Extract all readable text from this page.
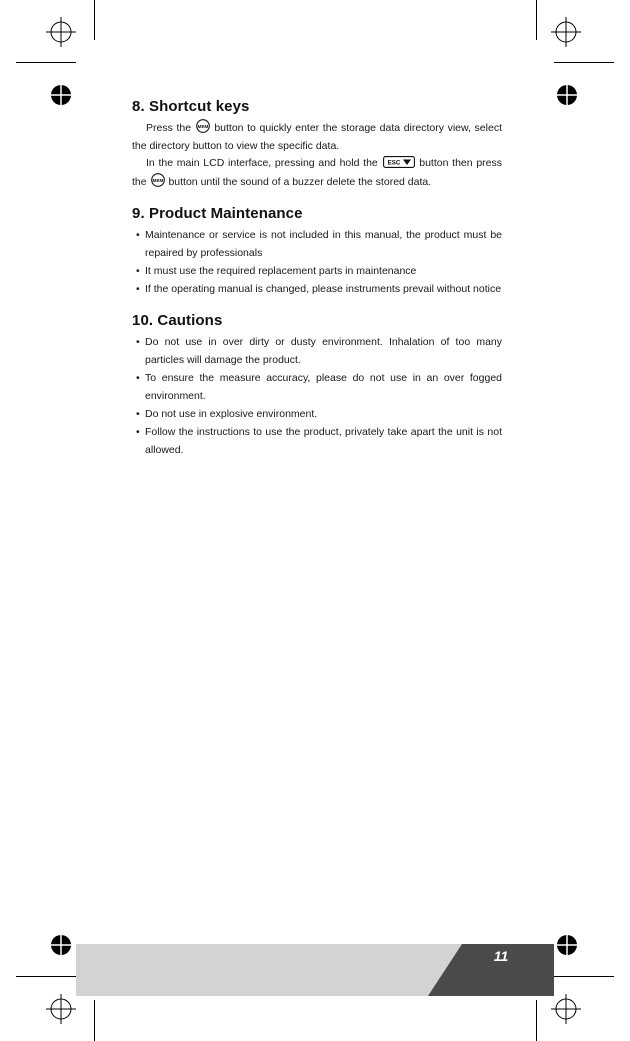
8. Shortcut keys

Press the MEM button to quickly enter the storage data directory view, select the directory button to view the specific data.

In the main LCD interface, pressing and hold the ESC button then press the MEM button until the sound of a buzzer delete the stored data.

9. Product Maintenance
• Maintenance or service is not included in this manual, the product must be repaired by professionals
• It must use the required replacement parts in maintenance
• If the operating manual is changed, please instruments prevail without notice
10. Cautions
• Do not use in over dirty or dusty environment. Inhalation of too many particles will damage the product.
• To ensure the measure accuracy, please do not use in an over fogged environment.
• Do not use in explosive environment.
• Follow the instructions to use the product, privately take apart the unit is not allowed.
11
